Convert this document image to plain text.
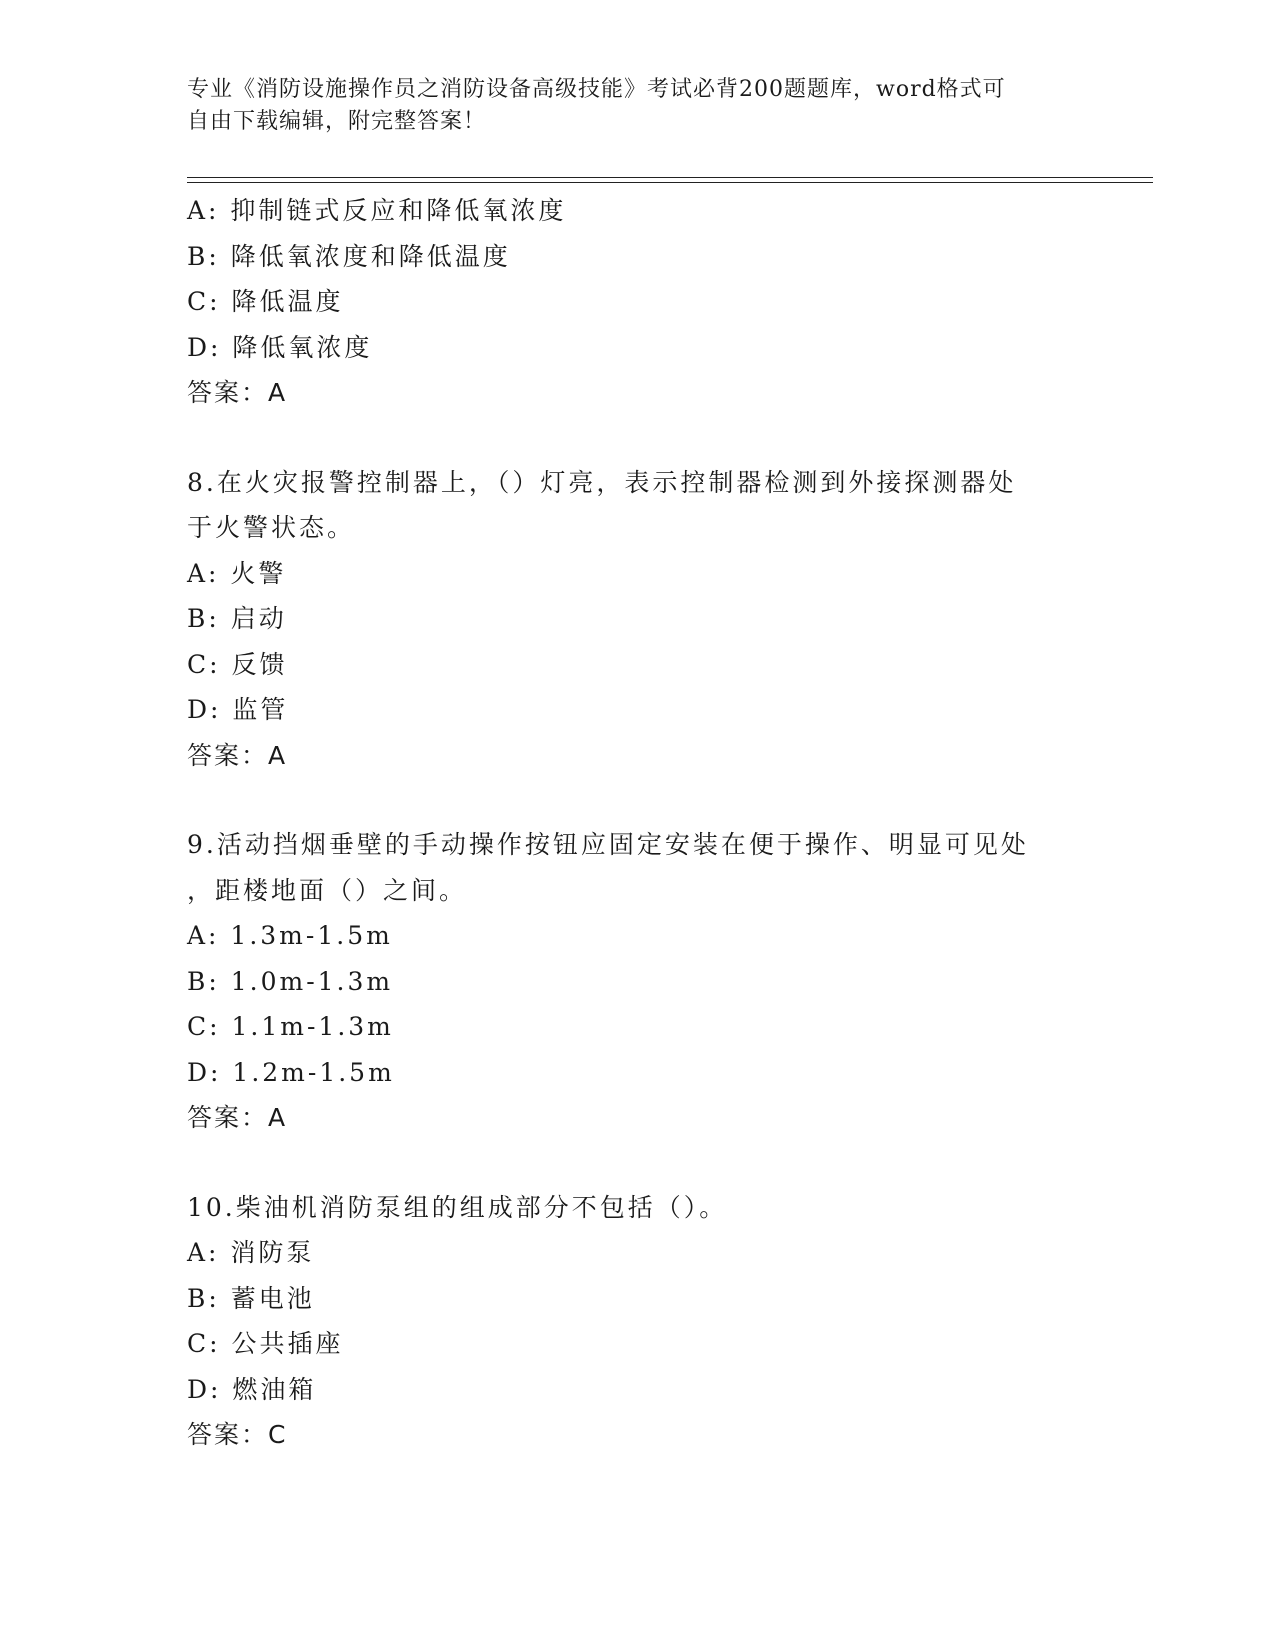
专业《消防设施操作员之消防设备高级技能》考试必背200题题库，word格式可
自由下载编辑，附完整答案！
A: 抑制链式反应和降低氧浓度
B: 降低氧浓度和降低温度
C: 降低温度
D: 降低氧浓度
答案：A
8.在火灾报警控制器上，（）灯亮，表示控制器检测到外接探测器处
于火警状态。
A: 火警
B: 启动
C: 反馈
D: 监管
答案：A
9.活动挡烟垂壁的手动操作按钮应固定安装在便于操作、明显可见处
，距楼地面（）之间。
A: 1.3m-1.5m
B: 1.0m-1.3m
C: 1.1m-1.3m
D: 1.2m-1.5m
答案：A
10.柴油机消防泵组的组成部分不包括（）。
A: 消防泵
B: 蓄电池
C: 公共插座
D: 燃油箱
答案：C
